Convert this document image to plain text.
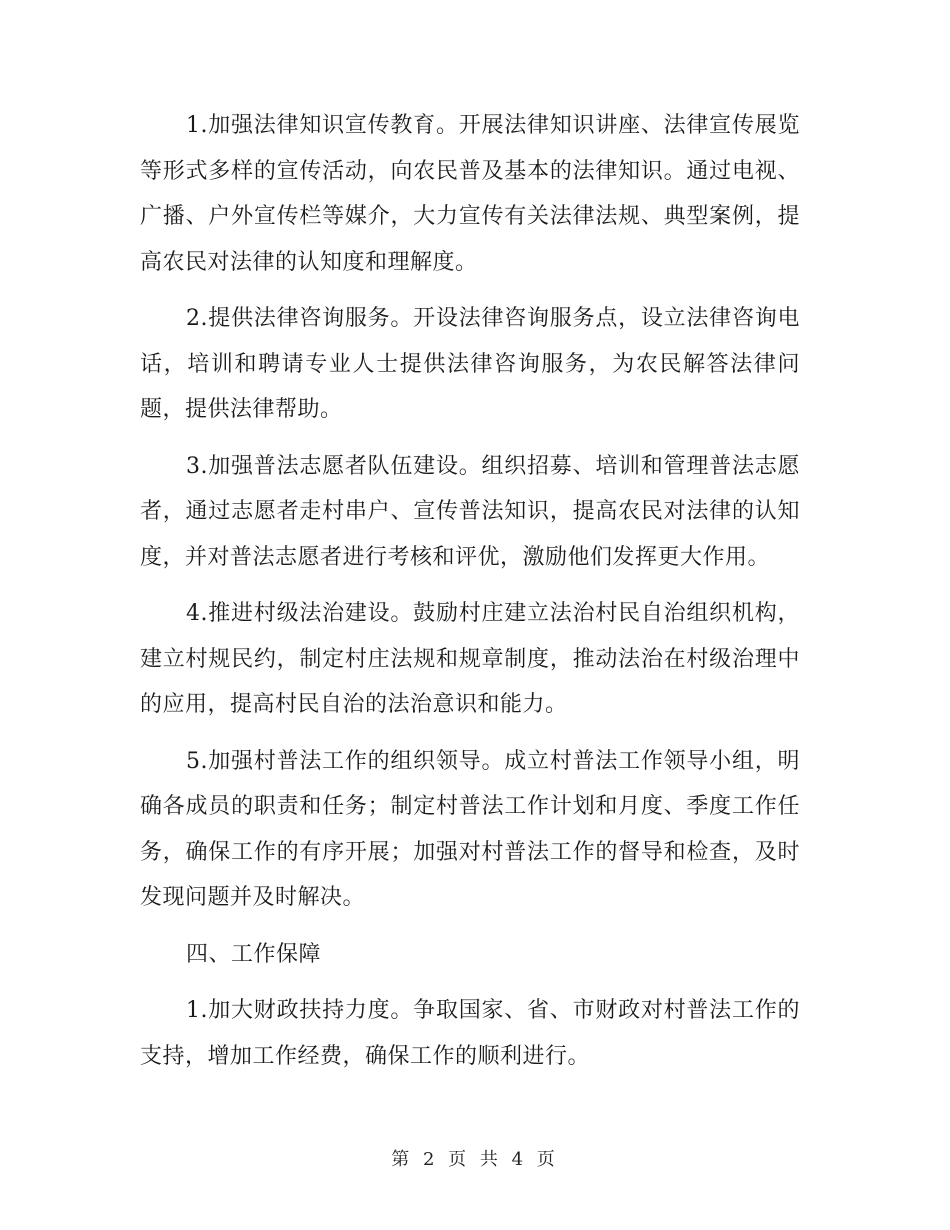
1.加强法律知识宣传教育。开展法律知识讲座、法律宣传展览等形式多样的宣传活动，向农民普及基本的法律知识。通过电视、广播、户外宣传栏等媒介，大力宣传有关法律法规、典型案例，提高农民对法律的认知度和理解度。

2.提供法律咨询服务。开设法律咨询服务点，设立法律咨询电话，培训和聘请专业人士提供法律咨询服务，为农民解答法律问题，提供法律帮助。

3.加强普法志愿者队伍建设。组织招募、培训和管理普法志愿者，通过志愿者走村串户、宣传普法知识，提高农民对法律的认知度，并对普法志愿者进行考核和评优，激励他们发挥更大作用。

4.推进村级法治建设。鼓励村庄建立法治村民自治组织机构，建立村规民约，制定村庄法规和规章制度，推动法治在村级治理中的应用，提高村民自治的法治意识和能力。

5.加强村普法工作的组织领导。成立村普法工作领导小组，明确各成员的职责和任务；制定村普法工作计划和月度、季度工作任务，确保工作的有序开展；加强对村普法工作的督导和检查，及时发现问题并及时解决。

四、工作保障

1.加大财政扶持力度。争取国家、省、市财政对村普法工作的支持，增加工作经费，确保工作的顺利进行。

第 2 页 共 4 页
